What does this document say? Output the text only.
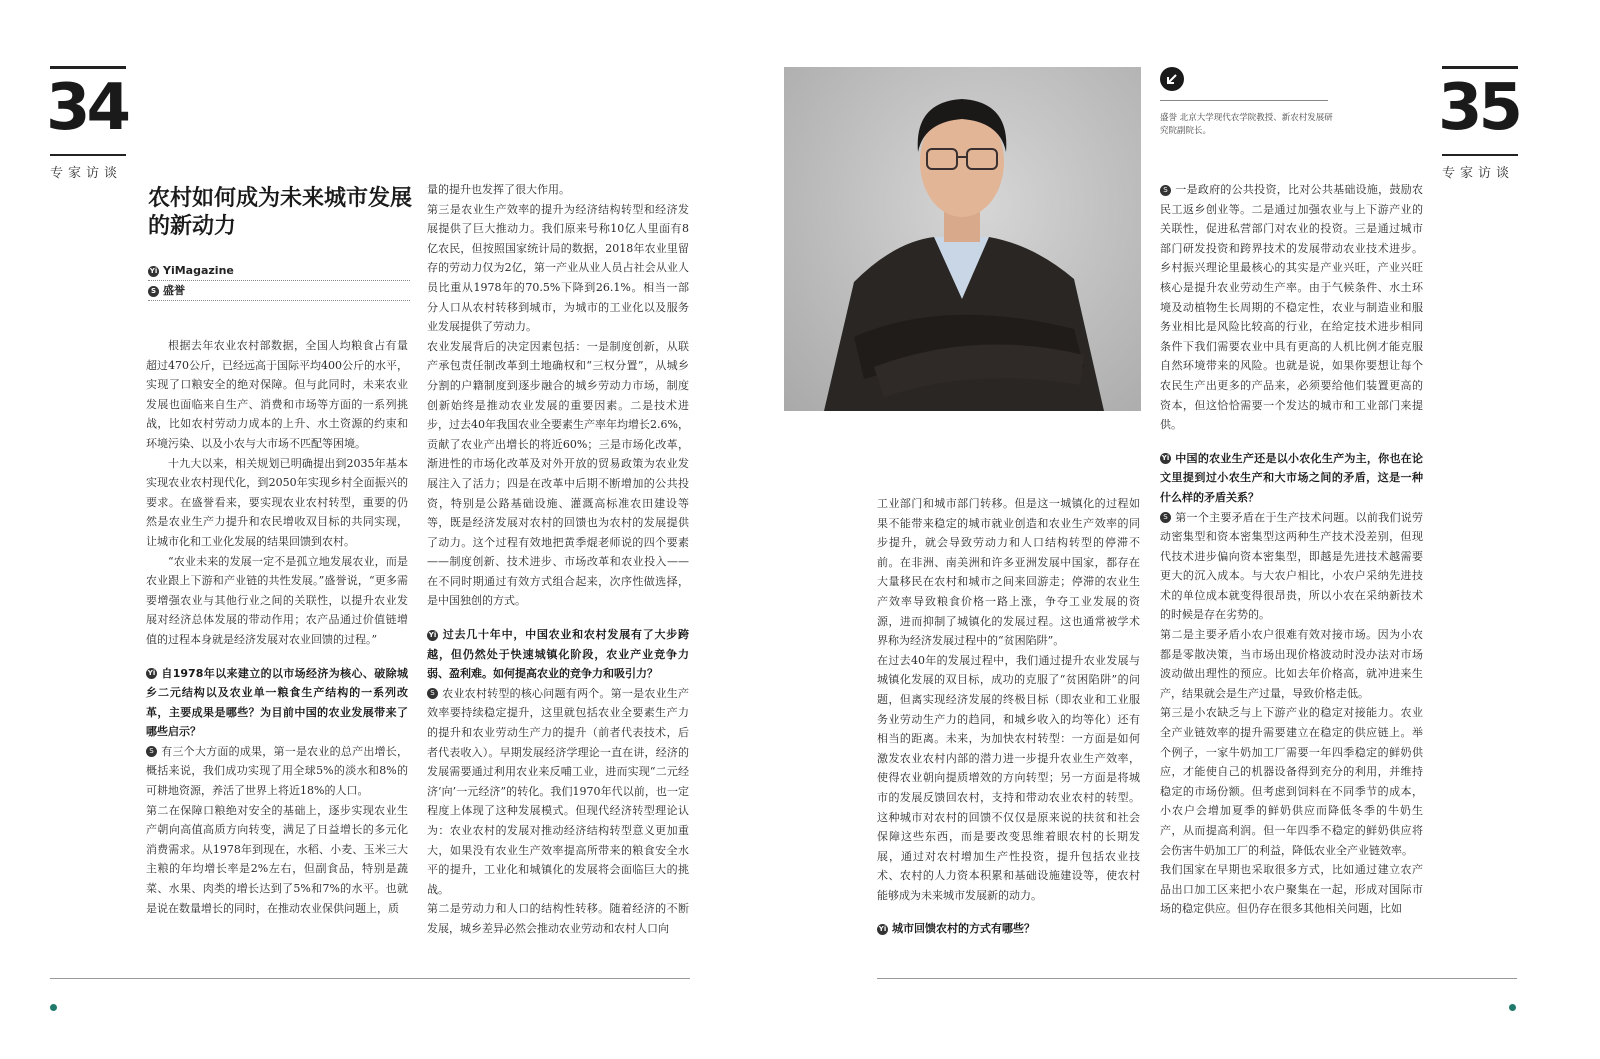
34
专家访谈
农村如何成为未来城市发展的新动力
Yi YiMagazine
S 盛誉

根据去年农业农村部数据，全国人均粮食占有量超过470公斤，已经远高于国际平均400公斤的水平，实现了口粮安全的绝对保障。但与此同时，未来农业发展也面临来自生产、消费和市场等方面的一系列挑战，比如农村劳动力成本的上升、水土资源的约束和环境污染、以及小农与大市场不匹配等困境。

十九大以来，相关规划已明确提出到2035年基本实现农业农村现代化，到2050年实现乡村全面振兴的要求。在盛誉看来，要实现农业农村转型，重要的仍然是农业生产力提升和农民增收双目标的共同实现，让城市化和工业化发展的结果回馈到农村。

“农业未来的发展一定不是孤立地发展农业，而是农业跟上下游和产业链的共性发展。”盛誉说，“更多需要增强农业与其他行业之间的关联性，以提升农业发展对经济总体发展的带动作用；农产品通过价值链增值的过程本身就是经济发展对农业回馈的过程。”

Yi 自1978年以来建立的以市场经济为核心、破除城乡二元结构以及农业单一粮食生产结构的一系列改革，主要成果是哪些？为目前中国的农业发展带来了哪些启示？

S 有三个大方面的成果，第一是农业的总产出增长，概括来说，我们成功实现了用全球5%的淡水和8%的可耕地资源，养活了世界上将近18%的人口。

第二在保障口粮绝对安全的基础上，逐步实现农业生产朝向高值高质方向转变，满足了日益增长的多元化消费需求。从1978年到现在，水稻、小麦、玉米三大主粮的年均增长率是2%左右，但副食品，特别是蔬菜、水果、肉类的增长达到了5%和7%的水平。也就是说在数量增长的同时，在推动农业保供问题上，质

量的提升也发挥了很大作用。

第三是农业生产效率的提升为经济结构转型和经济发展提供了巨大推动力。我们原来号称10亿人里面有8亿农民，但按照国家统计局的数据，2018年农业里留存的劳动力仅为2亿，第一产业从业人员占社会从业人员比重从1978年的70.5%下降到26.1%。相当一部分人口从农村转移到城市，为城市的工业化以及服务业发展提供了劳动力。

农业发展背后的决定因素包括：一是制度创新，从联产承包责任制改革到土地确权和“三权分置”，从城乡分割的户籍制度到逐步融合的城乡劳动力市场，制度创新始终是推动农业发展的重要因素。二是技术进步，过去40年我国农业全要素生产率年均增长2.6%，贡献了农业产出增长的将近60%；三是市场化改革，渐进性的市场化改革及对外开放的贸易政策为农业发展注入了活力；四是在改革中后期不断增加的公共投资，特别是公路基础设施、灌溉高标准农田建设等等，既是经济发展对农村的回馈也为农村的发展提供了动力。这个过程有效地把黄季焜老师说的四个要素——制度创新、技术进步、市场改革和农业投入——在不同时期通过有效方式组合起来，次序性做选择，是中国独创的方式。

Yi 过去几十年中，中国农业和农村发展有了大步跨越，但仍然处于快速城镇化阶段，农业产业竞争力弱、盈利难。如何提高农业的竞争力和吸引力？

S 农业农村转型的核心问题有两个。第一是农业生产效率要持续稳定提升，这里就包括农业全要素生产力的提升和农业劳动生产力的提升（前者代表技术，后者代表收入）。早期发展经济学理论一直在讲，经济的发展需要通过利用农业来反哺工业，进而实现“二元经济‘向’一元经济”的转化。我们1970年代以前，也一定程度上体现了这种发展模式。但现代经济转型理论认为：农业农村的发展对推动经济结构转型意义更加重大，如果没有农业生产效率提高所带来的粮食安全水平的提升，工业化和城镇化的发展将会面临巨大的挑战。

第二是劳动力和人口的结构性转移。随着经济的不断发展，城乡差异必然会推动农业劳动和农村人口向

盛誉 北京大学现代农学院教授、新农村发展研究院副院长。	35
专家访谈

工业部门和城市部门转移。但是这一城镇化的过程如果不能带来稳定的城市就业创造和农业生产效率的同步提升，就会导致劳动力和人口结构转型的停滞不前。在非洲、南美洲和许多亚洲发展中国家，都存在大量移民在农村和城市之间来回游走；停滞的农业生产效率导致粮食价格一路上涨，争夺工业发展的资源，进而抑制了城镇化的发展过程。这也通常被学术界称为经济发展过程中的“贫困陷阱”。

在过去40年的发展过程中，我们通过提升农业发展与城镇化发展的双目标，成功的克服了“贫困陷阱”的问题，但离实现经济发展的终极目标（即农业和工业服务业劳动生产力的趋同，和城乡收入的均等化）还有相当的距离。未来，为加快农村转型：一方面是如何激发农业农村内部的潜力进一步提升农业生产效率，使得农业朝向提质增效的方向转型；另一方面是将城市的发展反馈回农村，支持和带动农业农村的转型。这种城市对农村的回馈不仅仅是原来说的扶贫和社会保障这些东西，而是要改变思维着眼农村的长期发展，通过对农村增加生产性投资，提升包括农业技术、农村的人力资本积累和基础设施建设等，使农村能够成为未来城市发展新的动力。

Yi 城市回馈农村的方式有哪些？

S 一是政府的公共投资，比对公共基础设施，鼓励农民工返乡创业等。二是通过加强农业与上下游产业的关联性，促进私营部门对农业的投资。三是通过城市部门研发投资和跨界技术的发展带动农业技术进步。乡村振兴理论里最核心的其实是产业兴旺，产业兴旺核心是提升农业劳动生产率。由于气候条件、水土环境及动植物生长周期的不稳定性，农业与制造业和服务业相比是风险比较高的行业，在给定技术进步相同条件下我们需要农业中具有更高的人机比例才能克服自然环境带来的风险。也就是说，如果你要想让每个农民生产出更多的产品来，必须要给他们装置更高的资本，但这恰恰需要一个发达的城市和工业部门来提供。

Yi 中国的农业生产还是以小农化生产为主，你也在论文里提到过小农生产和大市场之间的矛盾，这是一种什么样的矛盾关系？

S 第一个主要矛盾在于生产技术问题。以前我们说劳动密集型和资本密集型这两种生产技术没差别，但现代技术进步偏向资本密集型，即越是先进技术越需要更大的沉入成本。与大农户相比，小农户采纳先进技术的单位成本就变得很昂贵，所以小农在采纳新技术的时候是存在劣势的。

第二是主要矛盾小农户很难有效对接市场。因为小农都是零散决策，当市场出现价格波动时没办法对市场波动做出理性的预应。比如去年价格高，就冲进来生产，结果就会是生产过量，导致价格走低。

第三是小农缺乏与上下游产业的稳定对接能力。农业全产业链效率的提升需要建立在稳定的供应链上。举个例子，一家牛奶加工厂需要一年四季稳定的鲜奶供应，才能使自己的机器设备得到充分的利用，并维持稳定的市场份额。但考虑到饲料在不同季节的成本，小农户会增加夏季的鲜奶供应而降低冬季的牛奶生产，从而提高利润。但一年四季不稳定的鲜奶供应将会伤害牛奶加工厂的利益，降低农业全产业链效率。

我们国家在早期也采取很多方式，比如通过建立农产品出口加工区来把小农户聚集在一起，形成对国际市场的稳定供应。但仍存在很多其他相关问题，比如
